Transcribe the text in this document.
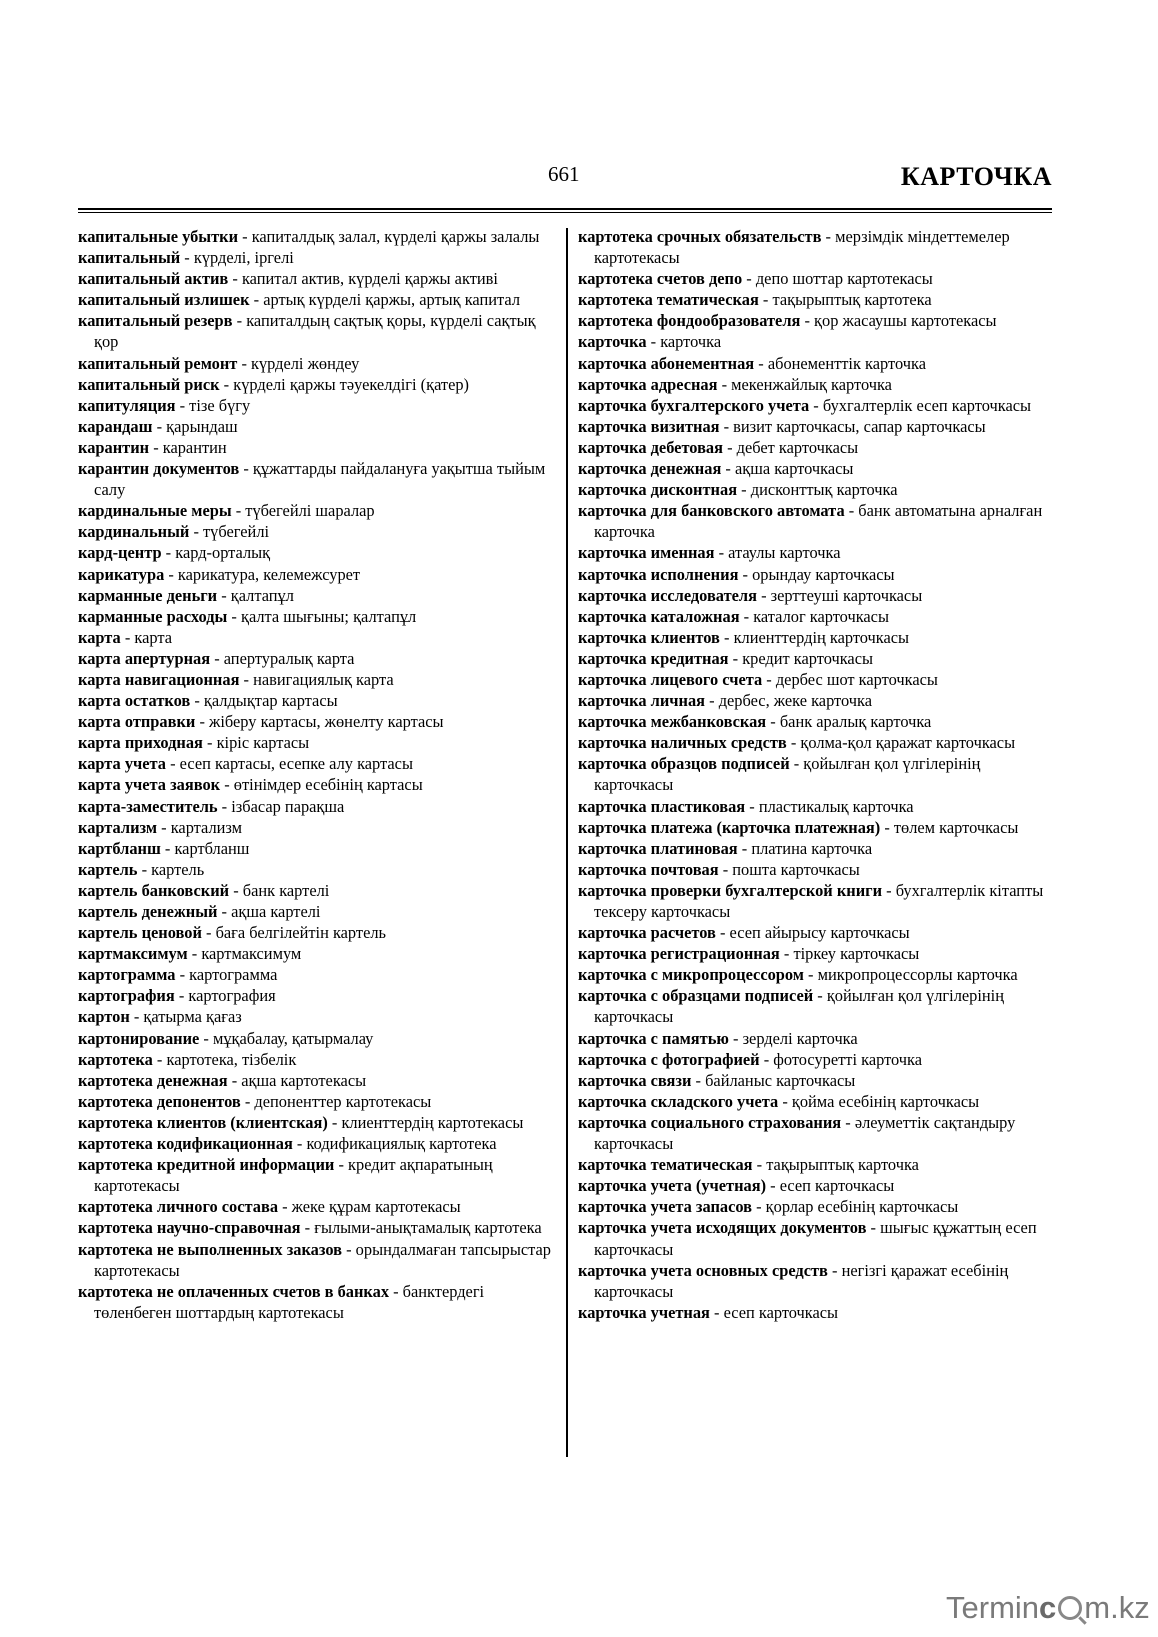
661	КАРТОЧКА
капитальные убытки - капиталдық залал, күрделі қаржы залалы
капитальный - күрделі, іргелі
капитальный актив - капитал актив, күрделі қаржы активі
капитальный излишек - артық күрделі қаржы, артық капитал
капитальный резерв - капиталдың сақтық қоры, күрделі сақтық қор
капитальный ремонт - күрделі жөндеу
капитальный риск - күрделі қаржы тәуекелдігі (қатер)
капитуляция - тізе бүгу
карандаш - қарындаш
карантин - карантин
карантин документов - құжаттарды пайдалануға уақытша тыйым салу
кардинальные меры - түбегейлі шаралар
кардинальный - түбегейлі
кард-центр - кард-орталық
карикатура - карикатура, келемежсурет
карманные деньги - қалтапұл
карманные расходы - қалта шығыны; қалтапұл
карта - карта
карта апертурная - апертуралық карта
карта навигационная - навигациялық карта
карта остатков - қалдықтар картасы
карта отправки - жіберу картасы, жөнелту картасы
карта приходная - кіріс картасы
карта учета - есеп картасы, есепке алу картасы
карта учета заявок - өтінімдер есебінің картасы
карта-заместитель - ізбасар парақша
картализм - картализм
картбланш - картбланш
картель - картель
картель банковский - банк картелі
картель денежный - ақша картелі
картель ценовой - баға белгілейтін картель
картмаксимум - картмаксимум
картограмма - картограмма
картография - картография
картон - қатырма қағаз
картонирование - мұқабалау, қатырмалау
картотека - картотека, тізбелік
картотека денежная - ақша картотекасы
картотека депонентов - депоненттер картотекасы
картотека клиентов (клиентская) - клиенттердің картотекасы
картотека кодификационная - кодификациялық картотека
картотека кредитной информации - кредит ақпаратының картотекасы
картотека личного состава - жеке құрам картотекасы
картотека научно-справочная - ғылыми-анықтамалық картотека
картотека не выполненных заказов - орындалмаған тапсырыстар картотекасы
картотека не оплаченных счетов в банках - банктердегі төленбеген шоттардың картотекасы
картотека срочных обязательств - мерзімдік міндеттемелер картотекасы
картотека счетов депо - депо шоттар картотекасы
картотека тематическая - тақырыптық картотека
картотека фондообразователя - қор жасаушы картотекасы
карточка - карточка
карточка абонементная - абонементтік карточка
карточка адресная - мекенжайлық карточка
карточка бухгалтерского учета - бухгалтерлік есеп карточкасы
карточка визитная - визит карточкасы, сапар карточкасы
карточка дебетовая - дебет карточкасы
карточка денежная - ақша карточкасы
карточка дисконтная - дисконттық карточка
карточка для банковского автомата - банк автоматына арналған карточка
карточка именная - атаулы карточка
карточка исполнения - орындау карточкасы
карточка исследователя - зерттеуші карточкасы
карточка каталожная - каталог карточкасы
карточка клиентов - клиенттердің карточкасы
карточка кредитная - кредит карточкасы
карточка лицевого счета - дербес шот карточкасы
карточка личная - дербес, жеке карточка
карточка межбанковская - банк аралық карточка
карточка наличных средств - қолма-қол қаражат карточкасы
карточка образцов подписей - қойылған қол үлгілерінің карточкасы
карточка пластиковая - пластикалық карточка
карточка платежа (карточка платежная) - төлем карточкасы
карточка платиновая - платина карточка
карточка почтовая - пошта карточкасы
карточка проверки бухгалтерской книги - бухгалтерлік кітапты тексеру карточкасы
карточка расчетов - есеп айырысу карточкасы
карточка регистрационная - тіркеу карточкасы
карточка с микропроцессором - микропроцессорлы карточка
карточка с образцами подписей - қойылған қол үлгілерінің карточкасы
карточка с памятью - зерделі карточка
карточка с фотографией - фотосуретті карточка
карточка связи - байланыс карточкасы
карточка складского учета - қойма есебінің карточкасы
карточка социального страхования - әлеуметтік сақтандыру карточкасы
карточка тематическая - тақырыптық карточка
карточка учета (учетная) - есеп карточкасы
карточка учета запасов - қорлар есебінің карточкасы
карточка учета исходящих документов - шығыс құжаттың есеп карточкасы
карточка учета основных средств - негізгі қаражат есебінің карточкасы
карточка учетная - есеп карточкасы
Terminc m.kz
